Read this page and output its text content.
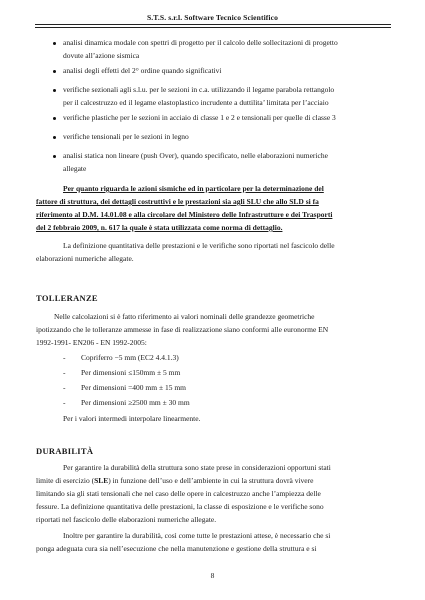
S.T.S. s.r.l. Software Tecnico Scientifico
analisi dinamica modale con spettri di progetto per il calcolo delle sollecitazioni di progetto
dovute all’azione sismica
analisi degli effetti del 2° ordine quando significativi
verifiche sezionali agli s.l.u. per le sezioni in c.a. utilizzando il legame parabola rettangolo
per il calcestruzzo ed il legame elastoplastico incrudente a duttilita’ limitata per l’acciaio
verifiche plastiche per le sezioni in acciaio di classe 1 e 2 e tensionali per quelle di classe 3
verifiche tensionali per le sezioni in legno
analisi statica non lineare (push Over), quando specificato, nelle elaborazioni numeriche
allegate
Per quanto riguarda le azioni sismiche ed in particolare per la determinazione del
fattore di struttura, dei dettagli costruttivi e le prestazioni sia agli SLU che allo SLD si fa
riferimento al D.M. 14.01.08 e alla circolare del Ministero delle Infrastrutture e dei Trasporti
del 2 febbraio 2009, n. 617 la quale è stata utilizzata come norma di dettaglio.
La definizione quantitativa delle prestazioni e le verifiche sono riportati nel fascicolo delle
elaborazioni numeriche allegate.
TOLLERANZE
Nelle calcolazioni si è fatto riferimento ai valori nominali delle grandezze geometriche
ipotizzando che le tolleranze ammesse in fase di realizzazione siano conformi alle euronorme EN
1992-1991- EN206 - EN 1992-2005:
- Copriferro −5 mm (EC2 4.4.1.3)
- Per dimensioni ≤150mm ± 5 mm
- Per dimensioni =400 mm ± 15 mm
- Per dimensioni ≥2500 mm ± 30 mm
Per i valori intermedi interpolare linearmente.
DURABILITÀ
Per garantire la durabilità della struttura sono state prese in considerazioni opportuni stati
limite di esercizio (SLE) in funzione dell’uso e dell’ambiente in cui la struttura dovrà vivere
limitando sia gli stati tensionali che nel caso delle opere in calcestruzzo anche l’ampiezza delle
fessure. La definizione quantitativa delle prestazioni, la classe di esposizione e le verifiche sono
riportati nel fascicolo delle elaborazioni numeriche allegate.
Inoltre per garantire la durabilità, così come tutte le prestazioni attese, è necessario che si
ponga adeguata cura sia nell’esecuzione che nella manutenzione e gestione della struttura e si
8
